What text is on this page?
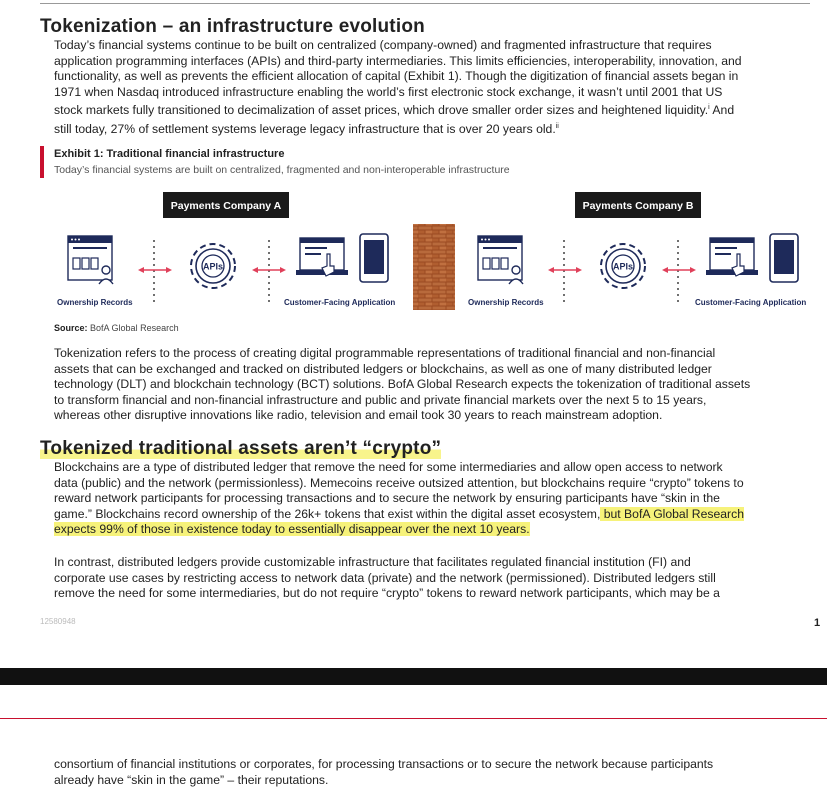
Tokenization – an infrastructure evolution
Today’s financial systems continue to be built on centralized (company-owned) and fragmented infrastructure that requires
application programming interfaces (APIs) and third-party intermediaries. This limits efficiencies, interoperability, innovation, and
functionality, as well as prevents the efficient allocation of capital (Exhibit 1). Though the digitization of financial assets began in
1971 when Nasdaq introduced infrastructure enabling the world’s first electronic stock exchange, it wasn’t until 2001 that US
stock markets fully transitioned to decimalization of asset prices, which drove smaller order sizes and heightened liquidity.$^i$ And
still today, 27% of settlement systems leverage legacy infrastructure that is over 20 years old.$^{ii}$
Exhibit 1: Traditional financial infrastructure
Today’s financial systems are built on centralized, fragmented and non-interoperable infrastructure
APIs
Payments Company A	Payments Company B
Ownership Records	Customer-Facing Application	Ownership Records	Customer-Facing Application
Source: BofA Global Research
Tokenization refers to the process of creating digital programmable representations of traditional financial and non-financial
assets that can be exchanged and tracked on distributed ledgers or blockchains, as well as one of many distributed ledger
technology (DLT) and blockchain technology (BCT) solutions. BofA Global Research expects the tokenization of traditional assets
to transform financial and non-financial infrastructure and public and private financial markets over the next 5 to 15 years,
whereas other disruptive innovations like radio, television and email took 30 years to reach mainstream adoption.
Tokenized traditional assets aren’t “crypto”
Blockchains are a type of distributed ledger that remove the need for some intermediaries and allow open access to network
data (public) and the network (permissionless). Memecoins receive outsized attention, but blockchains require “crypto” tokens to
reward network participants for processing transactions and to secure the network by ensuring participants have “skin in the
game.” Blockchains record ownership of the 26k+ tokens that exist within the digital asset ecosystem, but BofA Global Research
expects 99% of those in existence today to essentially disappear over the next 10 years.
In contrast, distributed ledgers provide customizable infrastructure that facilitates regulated financial institution (FI) and
corporate use cases by restricting access to network data (private) and the network (permissioned). Distributed ledgers still
remove the need for some intermediaries, but do not require “crypto” tokens to reward network participants, which may be a
12580948	1
consortium of financial institutions or corporates, for processing transactions or to secure the network because participants
already have “skin in the game” – their reputations.
